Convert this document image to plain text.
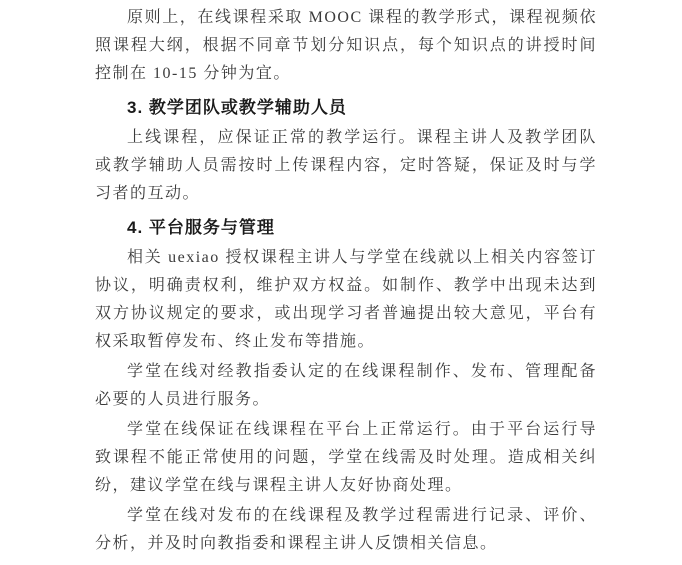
原则上，在线课程采取 MOOC 课程的教学形式，课程视频依照课程大纲，根据不同章节划分知识点，每个知识点的讲授时间控制在 10-15 分钟为宜。

3. 教学团队或教学辅助人员

上线课程，应保证正常的教学运行。课程主讲人及教学团队或教学辅助人员需按时上传课程内容，定时答疑，保证及时与学习者的互动。

4. 平台服务与管理

相关 uexiao 授权课程主讲人与学堂在线就以上相关内容签订协议，明确责权利，维护双方权益。如制作、教学中出现未达到双方协议规定的要求，或出现学习者普遍提出较大意见，平台有权采取暂停发布、终止发布等措施。

学堂在线对经教指委认定的在线课程制作、发布、管理配备必要的人员进行服务。

学堂在线保证在线课程在平台上正常运行。由于平台运行导致课程不能正常使用的问题，学堂在线需及时处理。造成相关纠纷，建议学堂在线与课程主讲人友好协商处理。

学堂在线对发布的在线课程及教学过程需进行记录、评价、分析，并及时向教指委和课程主讲人反馈相关信息。
